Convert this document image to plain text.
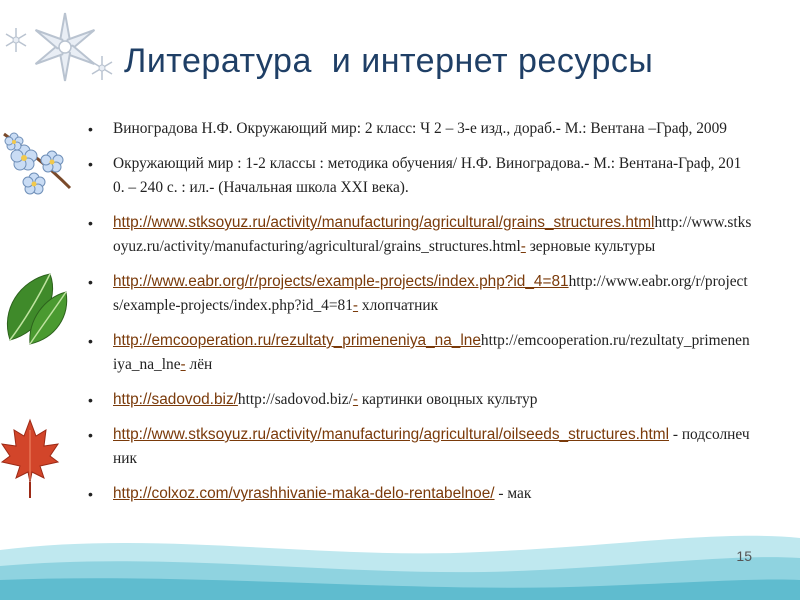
Литература  и интернет ресурсы
• Виноградова Н.Ф. Окружающий мир: 2 класс: Ч 2 – 3-е изд., дораб.- М.: Вентана –Граф, 2009
• Окружающий мир : 1-2 классы : методика обучения/ Н.Ф. Виноградова.- М.: Вентана-Граф, 2010. – 240 с. : ил.- (Начальная школа XXI века).
• http://www.stksoyuz.ru/activity/manufacturing/agricultural/grains_structures.htmlhttp://www.stksoyuz.ru/activity/manufacturing/agricultural/grains_structures.html- зерновые культуры
• http://www.eabr.org/r/projects/example-projects/index.php?id_4=81http://www.eabr.org/r/projects/example-projects/index.php?id_4=81- хлопчатник
• http://emcooperation.ru/rezultaty_primeneniya_na_lnehttp://emcooperation.ru/rezultaty_primeneniya_na_lne- лён
• http://sadovod.biz/http://sadovod.biz/- картинки овоцных культур
• http://www.stksoyuz.ru/activity/manufacturing/agricultural/oilseeds_structures.html - подсолнечник
• http://colxoz.com/vyrashhivanie-maka-delo-rentabelnoe/ - мак
15
